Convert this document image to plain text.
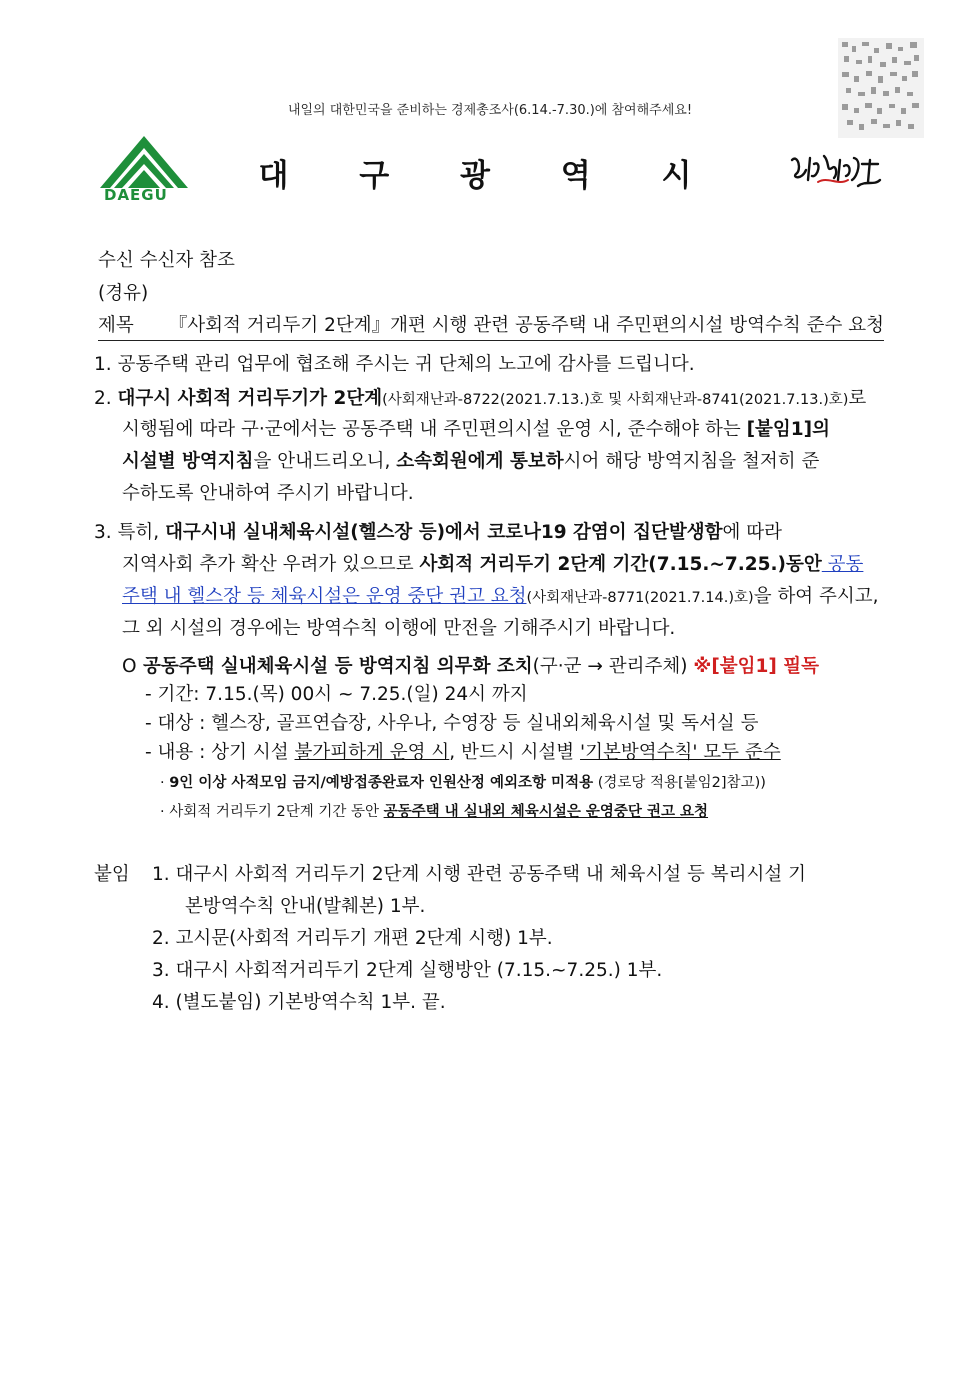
내일의 대한민국을 준비하는 경제총조사(6.14.-7.30.)에 참여해주세요!
DAEGU
대 구 광 역 시
수신 수신자 참조
(경유)
제목 『사회적 거리두기 2단계』개편 시행 관련 공동주택 내 주민편의시설 방역수칙 준수 요청
1. 공동주택 관리 업무에 협조해 주시는 귀 단체의 노고에 감사를 드립니다.
2. 대구시 사회적 거리두기가 2단계(사회재난과-8722(2021.7.13.)호 및 사회재난과-8741(2021.7.13.)호)로
시행됨에 따라 구·군에서는 공동주택 내 주민편의시설 운영 시, 준수해야 하는 [붙임1]의
시설별 방역지침을 안내드리오니, 소속회원에게 통보하시어 해당 방역지침을 철저히 준
수하도록 안내하여 주시기 바랍니다.
3. 특히, 대구시내 실내체육시설(헬스장 등)에서 코로나19 감염이 집단발생함에 따라
지역사회 추가 확산 우려가 있으므로 사회적 거리두기 2단계 기간(7.15.~7.25.)동안 공동
주택 내 헬스장 등 체육시설은 운영 중단 권고 요청(사회재난과-8771(2021.7.14.)호)을 하여 주시고,
그 외 시설의 경우에는 방역수칙 이행에 만전을 기해주시기 바랍니다.
O 공동주택 실내체육시설 등 방역지침 의무화 조치(구·군 → 관리주체) ※[붙임1] 필독
- 기간: 7.15.(목) 00시 ~ 7.25.(일) 24시 까지
- 대상 : 헬스장, 골프연습장, 사우나, 수영장 등 실내외체육시설 및 독서실 등
- 내용 : 상기 시설 불가피하게 운영 시, 반드시 시설별 '기본방역수칙' 모두 준수
· 9인 이상 사적모임 금지/예방접종완료자 인원산정 예외조항 미적용 (경로당 적용[붙임2]참고))
· 사회적 거리두기 2단계 기간 동안 공동주택 내 실내외 체육시설은 운영중단 권고 요청
붙임 1. 대구시 사회적 거리두기 2단계 시행 관련 공동주택 내 체육시설 등 복리시설 기
본방역수칙 안내(발췌본) 1부.
2. 고시문(사회적 거리두기 개편 2단계 시행) 1부.
3. 대구시 사회적거리두기 2단계 실행방안 (7.15.~7.25.) 1부.
4. (별도붙임) 기본방역수칙 1부. 끝.
